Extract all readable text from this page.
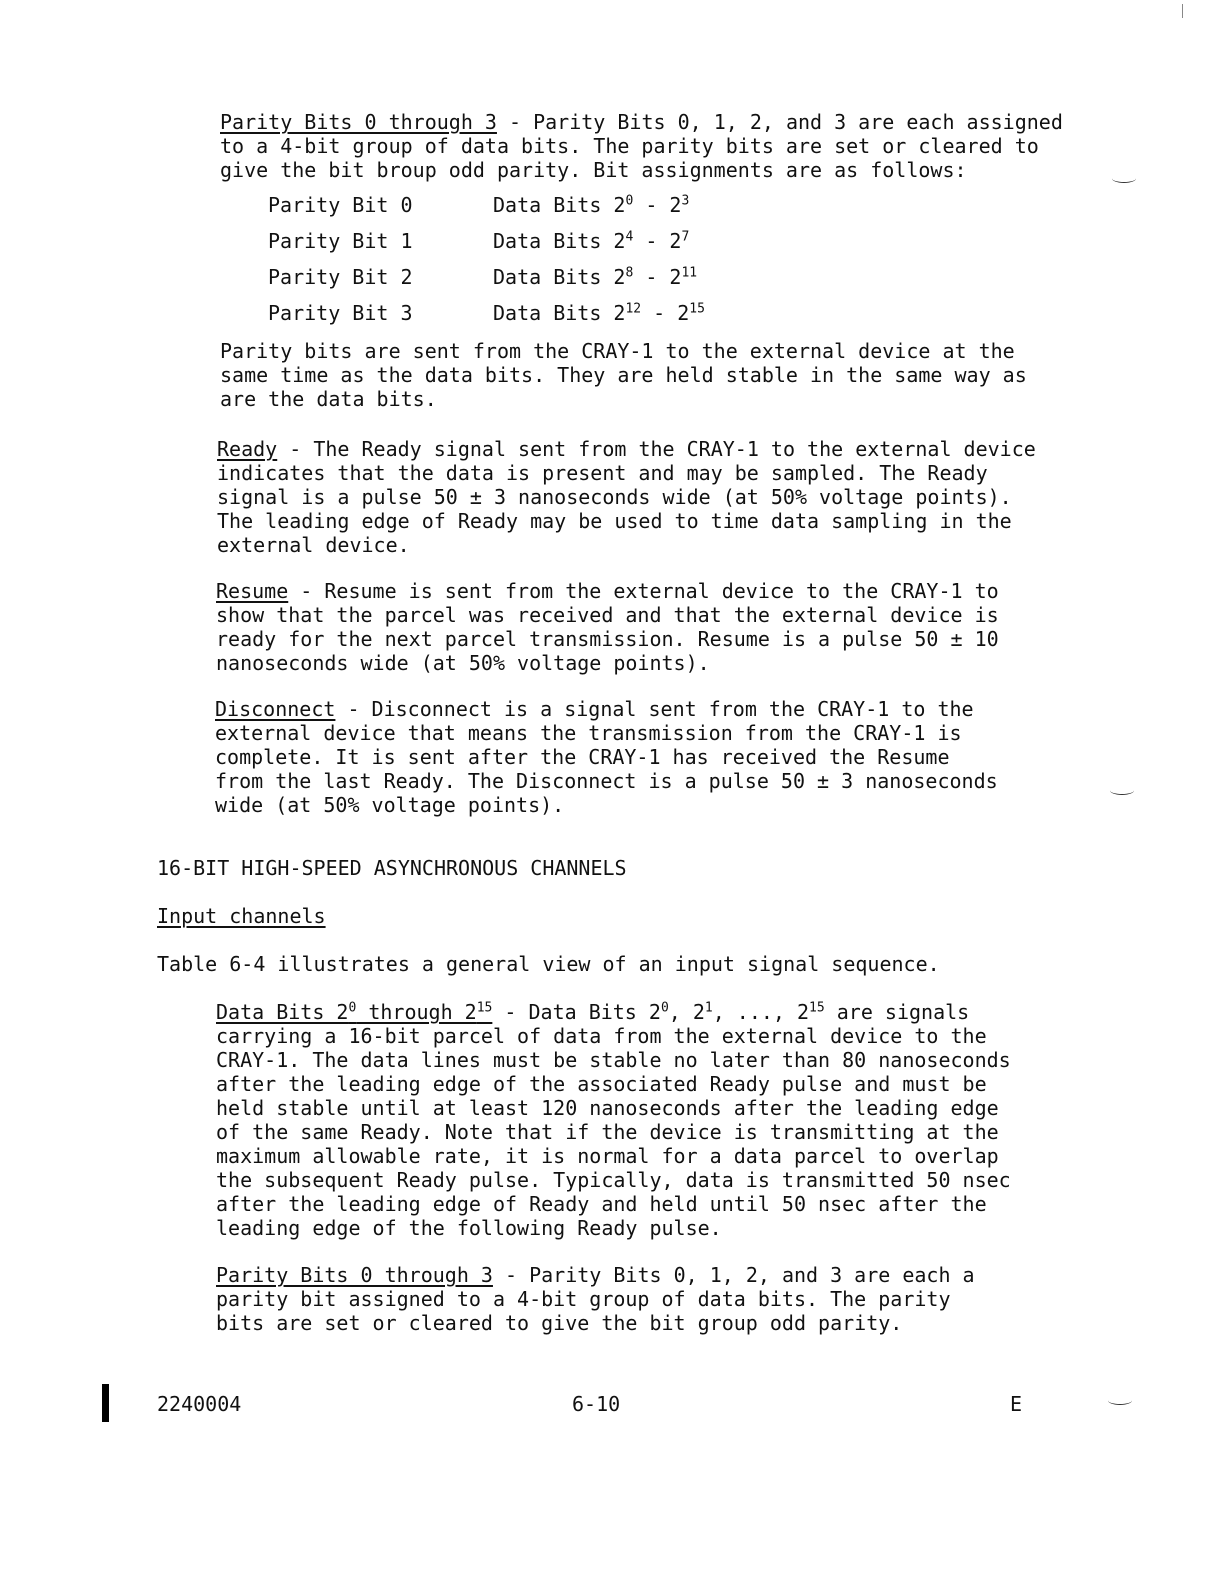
Parity Bits 0 through 3 - Parity Bits 0, 1, 2, and 3 are each assigned
to a 4-bit group of data bits. The parity bits are set or cleared to
give the bit broup odd parity. Bit assignments are as follows:

Parity Bit 0	Data Bits $2^0 - 2^3$
Parity Bit 1	Data Bits $2^4 - 2^7$
Parity Bit 2	Data Bits $2^8 - 2^{11}$
Parity Bit 3	Data Bits $2^{12} - 2^{15}$

Parity bits are sent from the CRAY-1 to the external device at the
same time as the data bits. They are held stable in the same way as
are the data bits.

Ready - The Ready signal sent from the CRAY-1 to the external device
indicates that the data is present and may be sampled. The Ready
signal is a pulse 50 ± 3 nanoseconds wide (at 50% voltage points).
The leading edge of Ready may be used to time data sampling in the
external device.

Resume - Resume is sent from the external device to the CRAY-1 to
show that the parcel was received and that the external device is
ready for the next parcel transmission. Resume is a pulse 50 ± 10
nanoseconds wide (at 50% voltage points).

Disconnect - Disconnect is a signal sent from the CRAY-1 to the
external device that means the transmission from the CRAY-1 is
complete. It is sent after the CRAY-1 has received the Resume
from the last Ready. The Disconnect is a pulse 50 ± 3 nanoseconds
wide (at 50% voltage points).

16-BIT HIGH-SPEED ASYNCHRONOUS CHANNELS
Input channels

Table 6-4 illustrates a general view of an input signal sequence.

Data Bits $2^0$ through $2^{15}$ - Data Bits $2^0$, $2^1$, ..., $2^{15}$ are signals

carrying a 16-bit parcel of data from the external device to the
CRAY-1. The data lines must be stable no later than 80 nanoseconds
after the leading edge of the associated Ready pulse and must be
held stable until at least 120 nanoseconds after the leading edge
of the same Ready. Note that if the device is transmitting at the
maximum allowable rate, it is normal for a data parcel to overlap
the subsequent Ready pulse. Typically, data is transmitted 50 nsec
after the leading edge of Ready and held until 50 nsec after the
leading edge of the following Ready pulse.

Parity Bits 0 through 3 - Parity Bits 0, 1, 2, and 3 are each a
parity bit assigned to a 4-bit group of data bits. The parity
bits are set or cleared to give the bit group odd parity.

2240004	6-10	E
